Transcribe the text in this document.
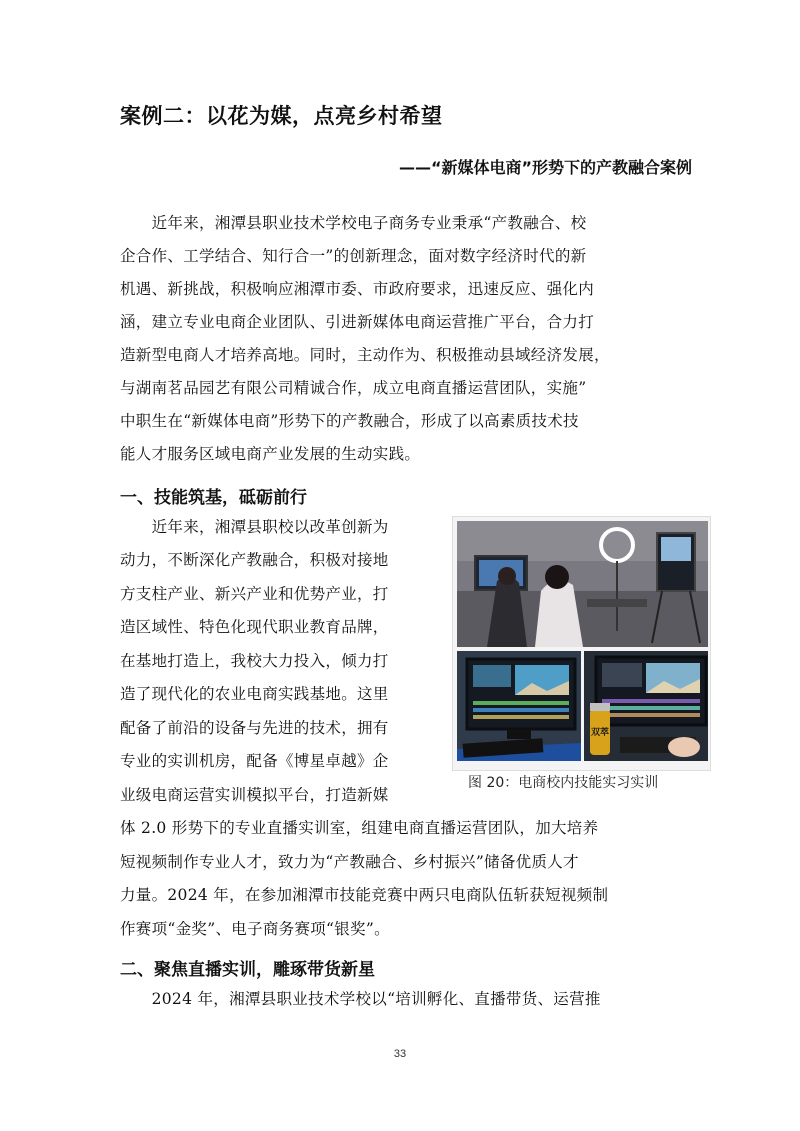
案例二：以花为媒，点亮乡村希望
——“新媒体电商”形势下的产教融合案例
　　近年来，湘潭县职业技术学校电子商务专业秉承“产教融合、校
企合作、工学结合、知行合一”的创新理念，面对数字经济时代的新
机遇、新挑战，积极响应湘潭市委、市政府要求，迅速反应、强化内
涵，建立专业电商企业团队、引进新媒体电商运营推广平台，合力打
造新型电商人才培养高地。同时，主动作为、积极推动县域经济发展，
与湖南茗品园艺有限公司精诚合作，成立电商直播运营团队，实施”
中职生在“新媒体电商”形势下的产教融合，形成了以高素质技术技
能人才服务区域电商产业发展的生动实践。
一、技能筑基，砥砺前行
　　近年来，湘潭县职校以改革创新为
动力，不断深化产教融合，积极对接地
方支柱产业、新兴产业和优势产业，打
造区域性、特色化现代职业教育品牌，
在基地打造上，我校大力投入，倾力打
造了现代化的农业电商实践基地。这里
配备了前沿的设备与先进的技术，拥有
专业的实训机房，配备《博星卓越》企
业级电商运营实训模拟平台，打造新媒
体 2.0 形势下的专业直播实训室，组建电商直播运营团队，加大培养
短视频制作专业人才，致力为“产教融合、乡村振兴”储备优质人才
力量。2024 年，在参加湘潭市技能竞赛中两只电商队伍斩获短视频制
作赛项“金奖”、电子商务赛项“银奖”。
双萃
图 20：电商校内技能实习实训
二、聚焦直播实训，雕琢带货新星
　　2024 年，湘潭县职业技术学校以“培训孵化、直播带货、运营推
33
